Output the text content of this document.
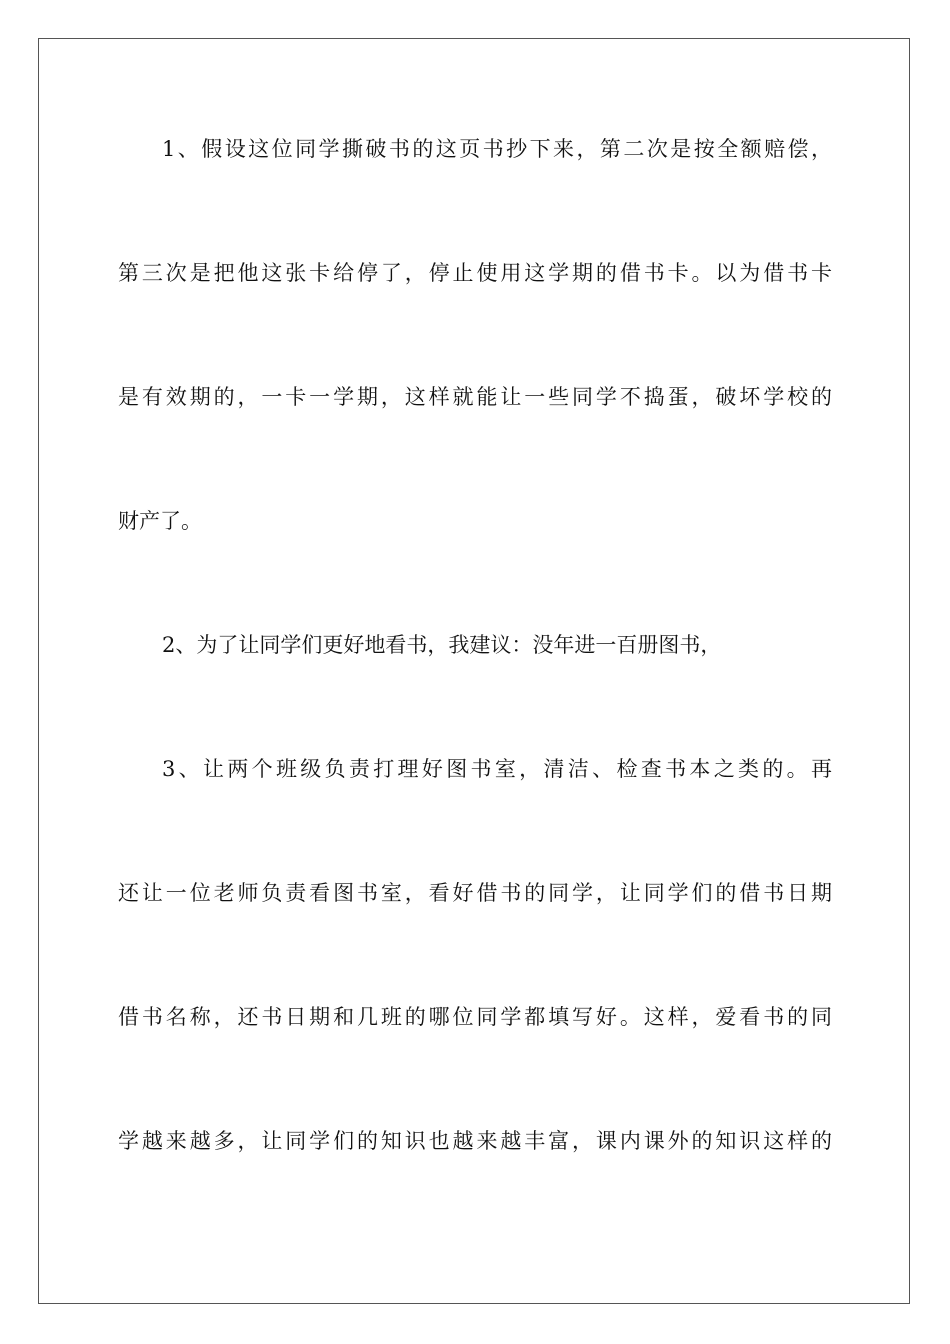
1、假设这位同学撕破书的这页书抄下来，第二次是按全额赔偿，
第三次是把他这张卡给停了，停止使用这学期的借书卡。以为借书卡
是有效期的，一卡一学期，这样就能让一些同学不捣蛋，破坏学校的
财产了。
2、为了让同学们更好地看书，我建议：没年进一百册图书，
3、让两个班级负责打理好图书室，清洁、检查书本之类的。再
还让一位老师负责看图书室，看好借书的同学，让同学们的借书日期
借书名称，还书日期和几班的哪位同学都填写好。这样，爱看书的同
学越来越多，让同学们的知识也越来越丰富，课内课外的知识这样的
